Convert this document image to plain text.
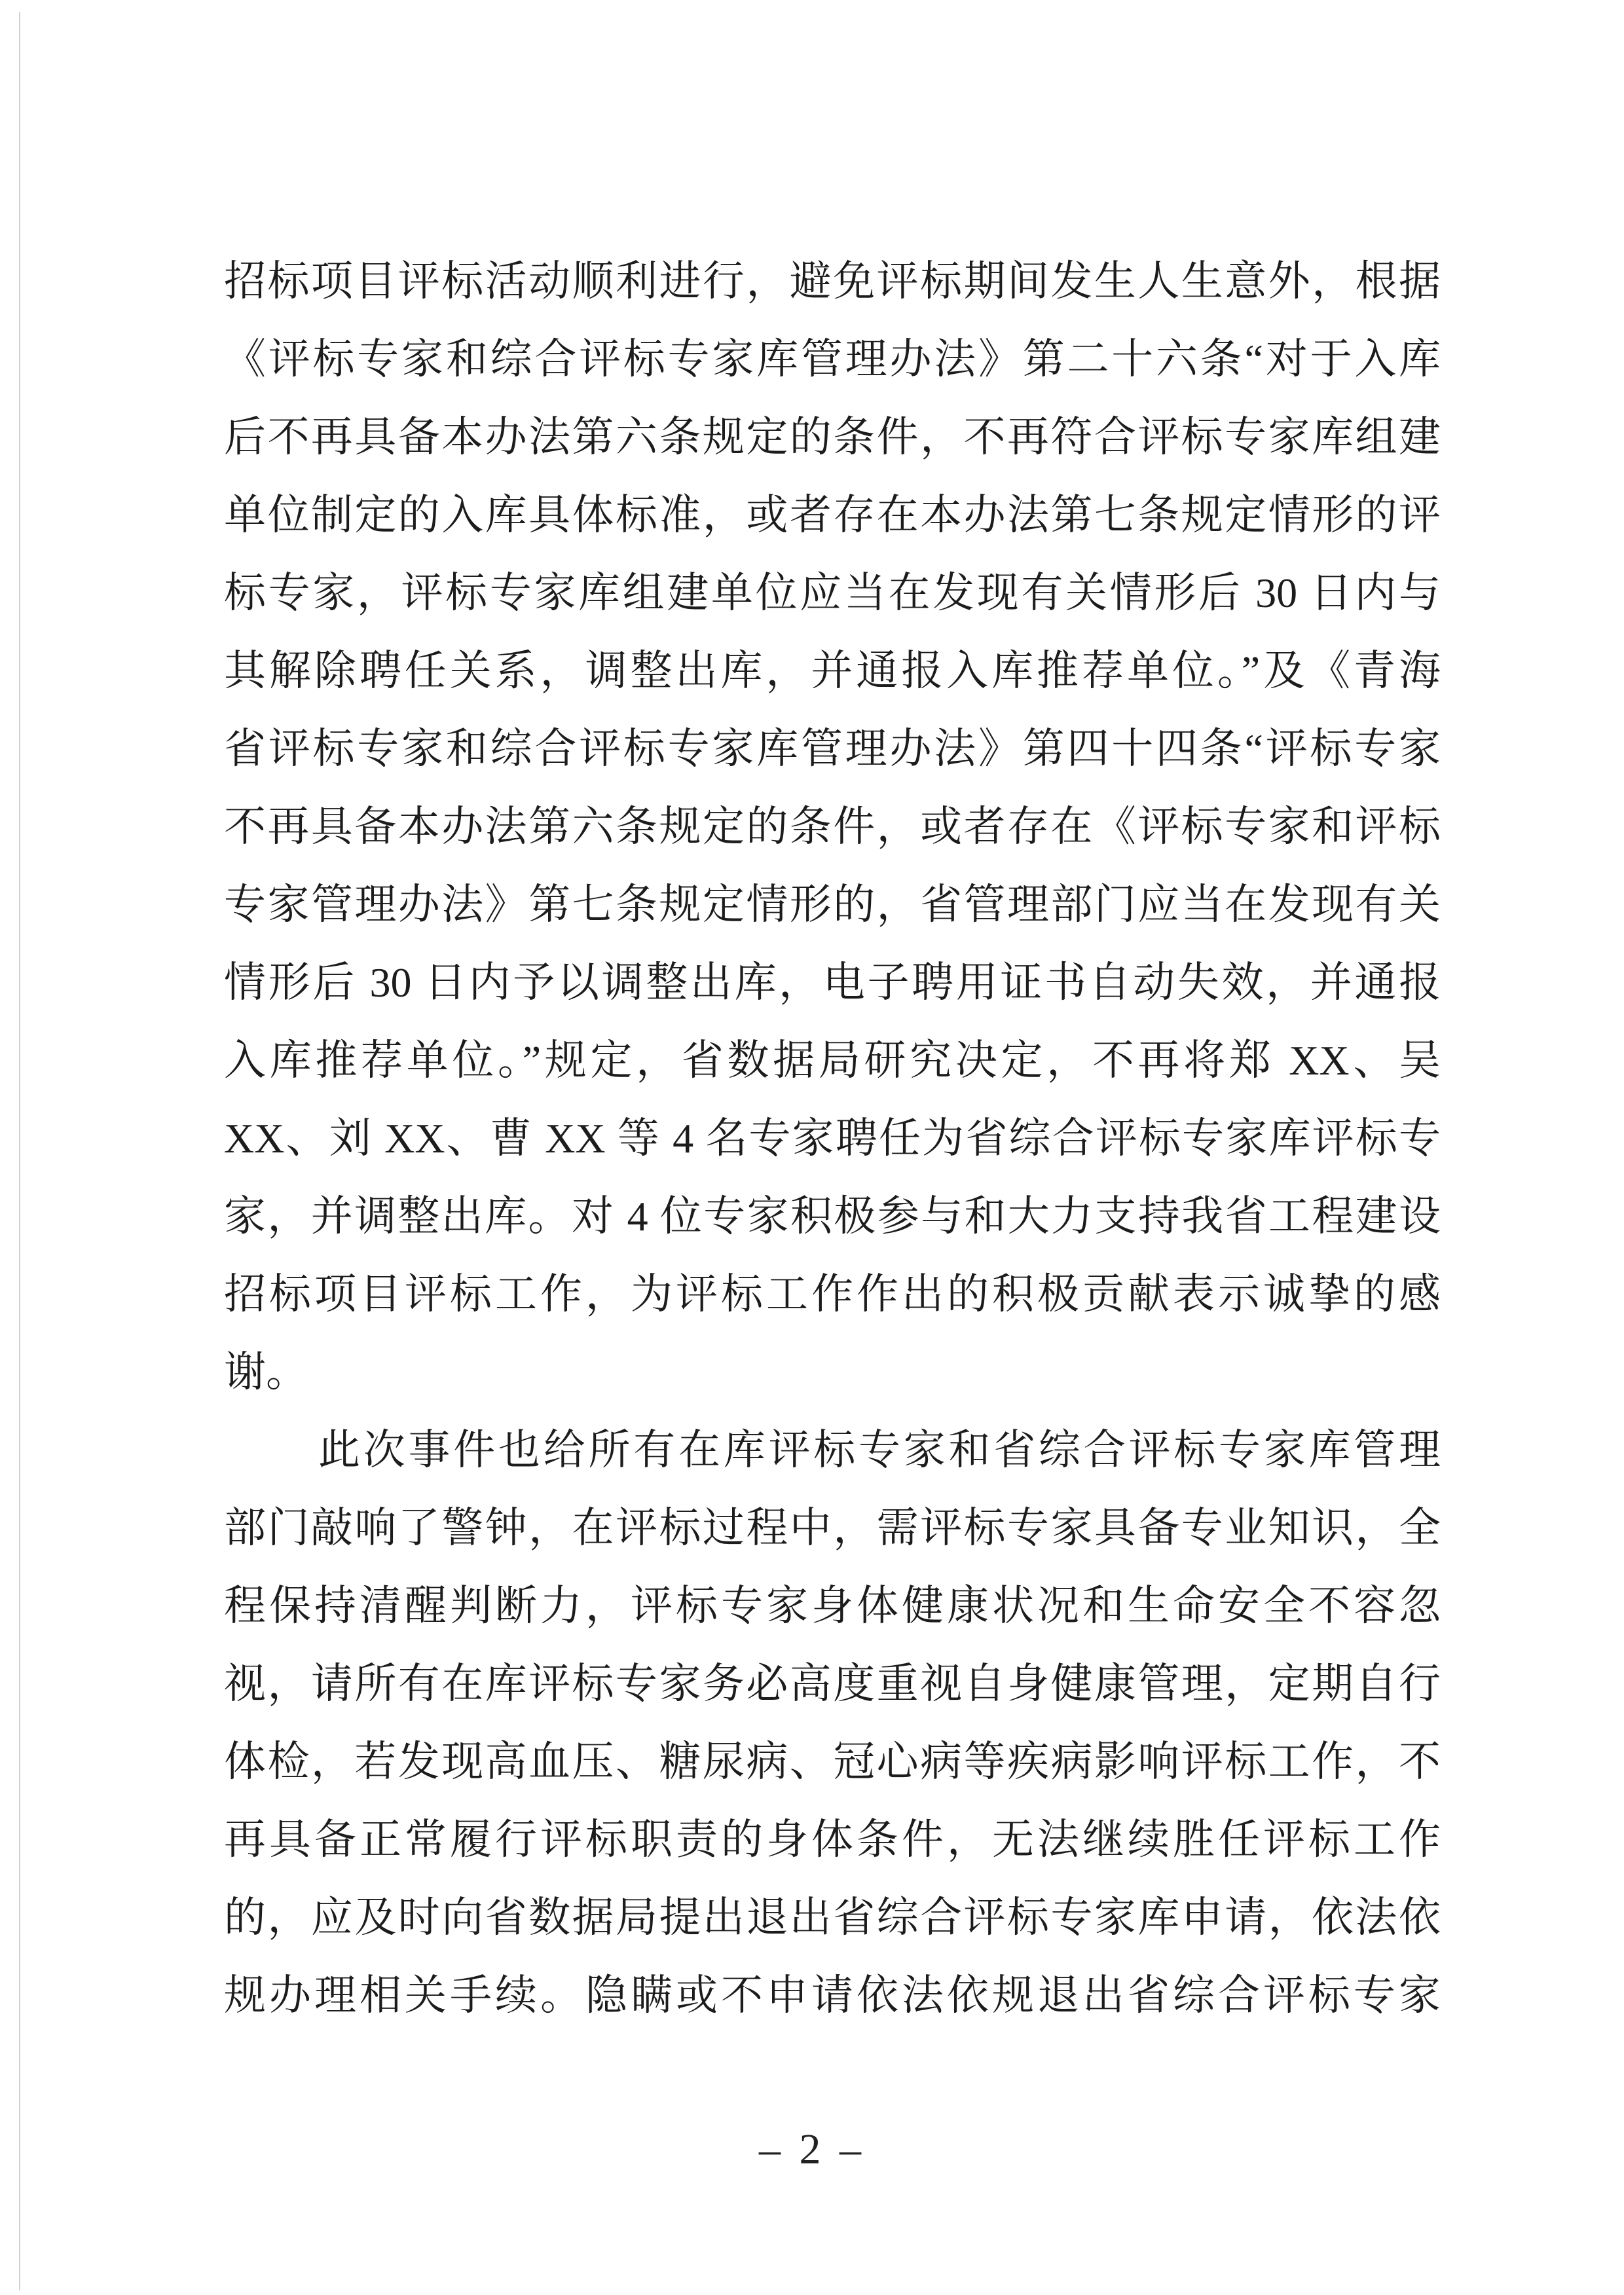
招标项目评标活动顺利进行，避免评标期间发生人生意外，根据
《评标专家和综合评标专家库管理办法》第二十六条“对于入库
后不再具备本办法第六条规定的条件，不再符合评标专家库组建
单位制定的入库具体标准，或者存在本办法第七条规定情形的评
标专家，评标专家库组建单位应当在发现有关情形后 30 日内与
其解除聘任关系，调整出库，并通报入库推荐单位。”及《青海
省评标专家和综合评标专家库管理办法》第四十四条“评标专家
不再具备本办法第六条规定的条件，或者存在《评标专家和评标
专家管理办法》第七条规定情形的，省管理部门应当在发现有关
情形后 30 日内予以调整出库，电子聘用证书自动失效，并通报
入库推荐单位。”规定，省数据局研究决定，不再将郑 XX、吴
XX、刘 XX、曹 XX 等 4 名专家聘任为省综合评标专家库评标专
家，并调整出库。对 4 位专家积极参与和大力支持我省工程建设
招标项目评标工作，为评标工作作出的积极贡献表示诚挚的感
谢。
此次事件也给所有在库评标专家和省综合评标专家库管理
部门敲响了警钟，在评标过程中，需评标专家具备专业知识，全
程保持清醒判断力，评标专家身体健康状况和生命安全不容忽
视，请所有在库评标专家务必高度重视自身健康管理，定期自行
体检，若发现高血压、糖尿病、冠心病等疾病影响评标工作，不
再具备正常履行评标职责的身体条件，无法继续胜任评标工作
的，应及时向省数据局提出退出省综合评标专家库申请，依法依
规办理相关手续。隐瞒或不申请依法依规退出省综合评标专家
– 2 –
